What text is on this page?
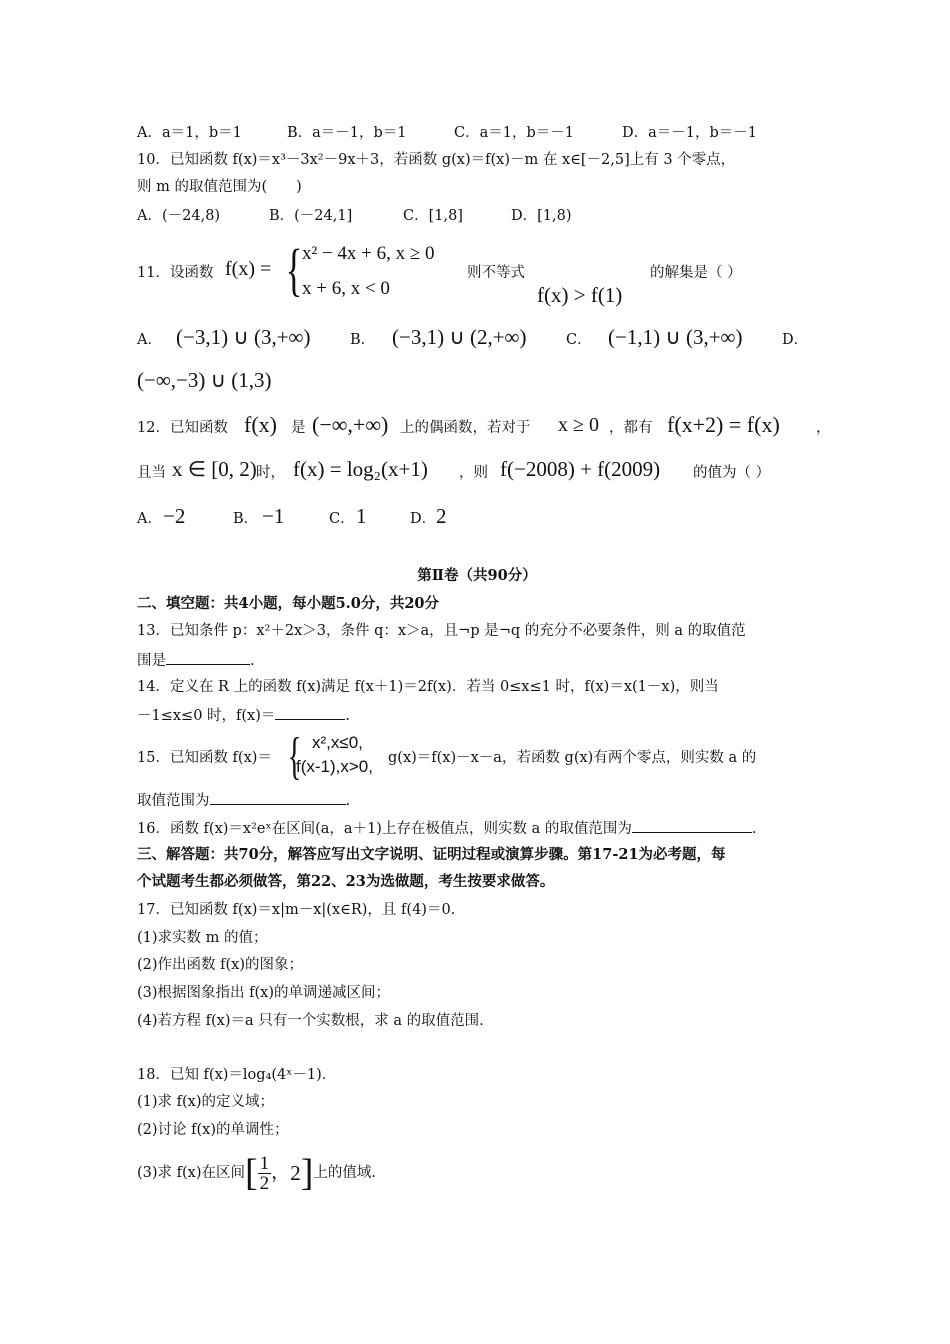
A．a＝1，b＝1	B．a＝－1，b＝1	C．a＝1，b＝－1	D．a＝－1，b＝－1
10．已知函数 f(x)＝x³－3x²－9x＋3，若函数 g(x)＝f(x)－m 在 x∈[－2,5]上有 3 个零点，
则 m 的取值范围为(　　)
A．(－24,8)	B．(－24,1]	C．[1,8]	D．[1,8)
11．设函数 f(x) = { x² − 4x + 6, x ≥ 0
x + 6, x < 0
则不等式
f(x) > f(1)
的解集是（ ）
A． (−3,1) ∪ (3,+∞)	B． (−3,1) ∪ (2,+∞)	C． (−1,1) ∪ (3,+∞)	D．
(−∞,−3) ∪ (1,3)
12．已知函数 f(x) 是 (−∞,+∞) 上的偶函数，若对于 x ≥ 0 ，都有 f(x+2) = f(x) ，
且当 x ∈ [0, 2) 时， f(x) = log₂(x+1) ，则 f(−2008) + f(2009) 的值为（ ）
A． −2	B． −1	C． 1	D． 2
第Ⅱ卷（共90分）
二、填空题：共4小题，每小题5.0分，共20分
13．已知条件 p：x²＋2x＞3，条件 q：x＞a，且¬p 是¬q 的充分不必要条件，则 a 的取值范
围是	.
14．定义在 R 上的函数 f(x)满足 f(x＋1)＝2f(x)．若当 0≤x≤1 时，f(x)＝x(1－x)，则当
－1≤x≤0 时，f(x)＝	.
15．已知函数 f(x)＝ { x²,x≤0,
f(x-1),x>0, g(x)＝f(x)－x－a，若函数 g(x)有两个零点，则实数 a 的
取值范围为	.
16．函数 f(x)＝x²eˣ在区间(a，a＋1)上存在极值点，则实数 a 的取值范围为	.
三、解答题：共70分，解答应写出文字说明、证明过程或演算步骤。第17-21为必考题，每
个试题考生都必须做答，第22、23为选做题，考生按要求做答。
17．已知函数 f(x)＝x|m－x|(x∈R)，且 f(4)＝0.
(1)求实数 m 的值；
(2)作出函数 f(x)的图象；
(3)根据图象指出 f(x)的单调递减区间；
(4)若方程 f(x)＝a 只有一个实数根，求 a 的取值范围.
18．已知 f(x)＝log₄(4ˣ－1)．
(1)求 f(x)的定义域；
(2)讨论 f(x)的单调性；
(3)求 f(x)在区间[ $\frac{1}{2}$ ，2]上的值域.
